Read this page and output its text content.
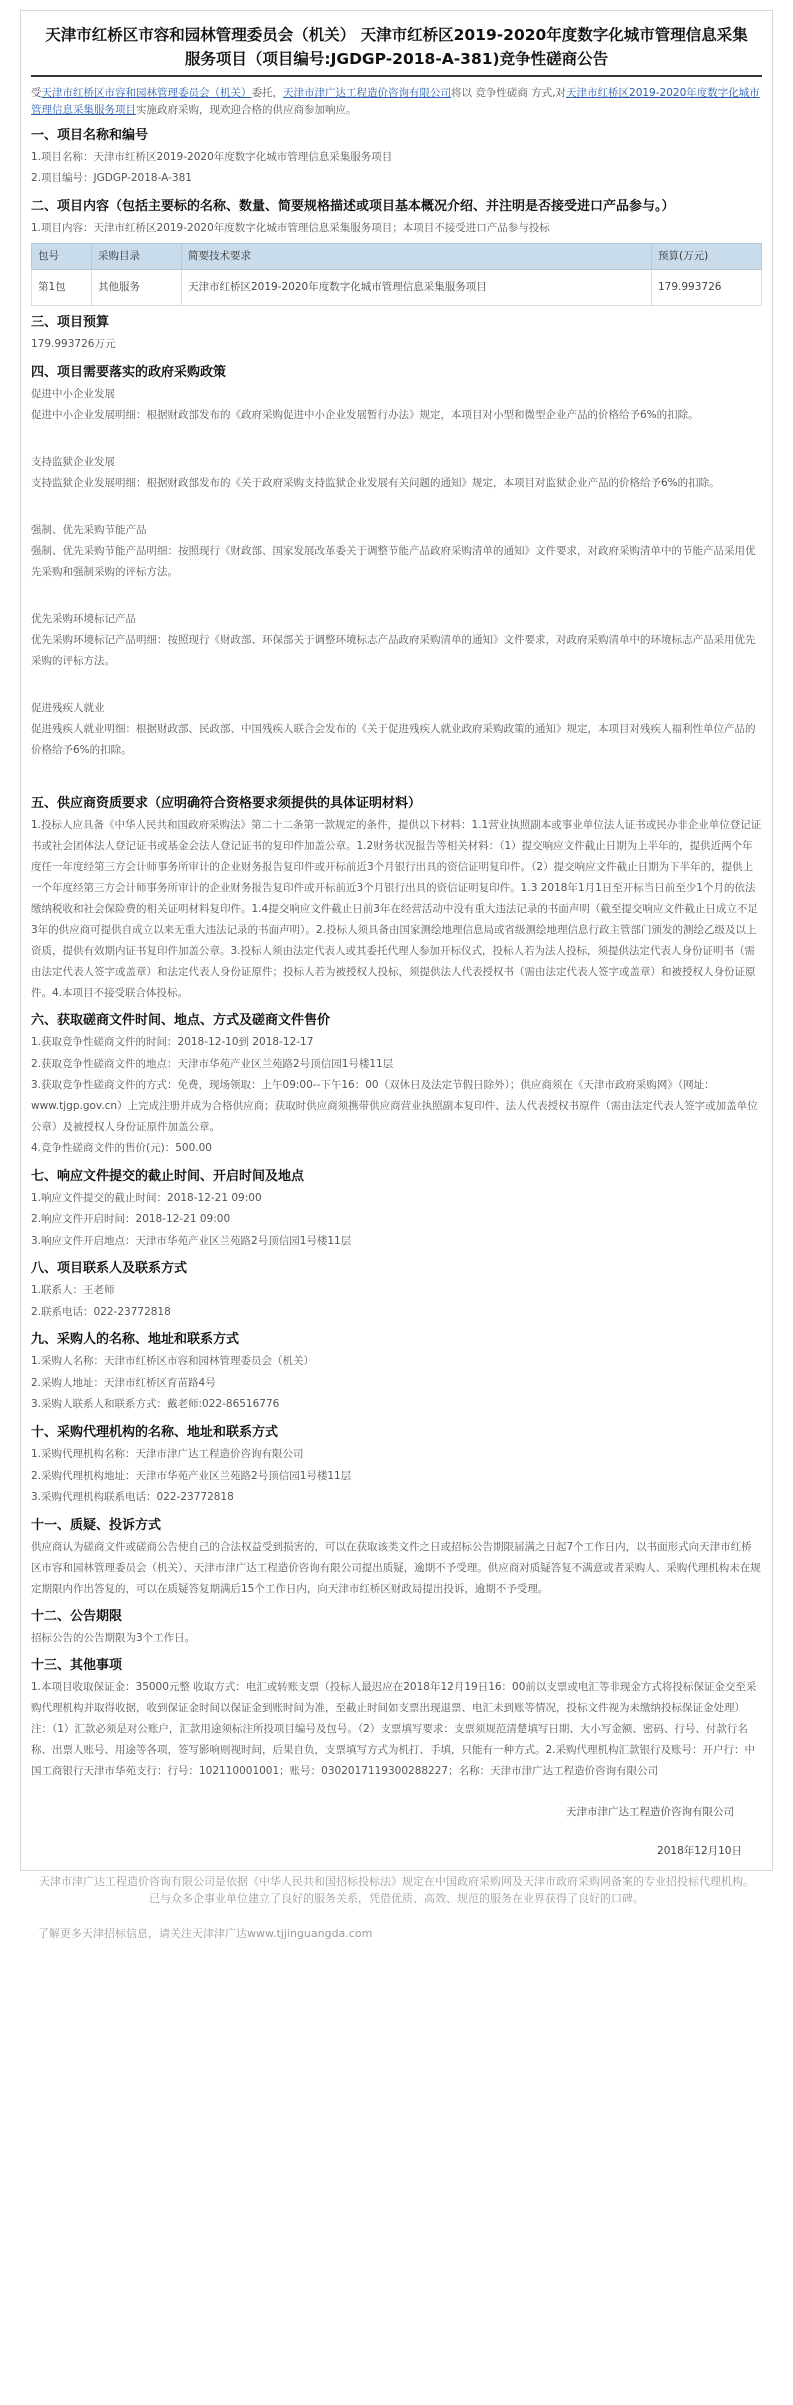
天津市红桥区市容和园林管理委员会（机关） 天津市红桥区2019-2020年度数字化城市管理信息采集服务项目（项目编号:JGDGP-2018-A-381)竞争性磋商公告

受天津市红桥区市容和园林管理委员会（机关）委托，天津市津广达工程造价咨询有限公司将以 竞争性磋商 方式,对天津市红桥区2019-2020年度数字化城市管理信息采集服务项目实施政府采购，现欢迎合格的供应商参加响应。

一、项目名称和编号
1.项目名称：天津市红桥区2019-2020年度数字化城市管理信息采集服务项目
2.项目编号：JGDGP-2018-A-381
二、项目内容（包括主要标的名称、数量、简要规格描述或项目基本概况介绍、并注明是否接受进口产品参与。）
1.项目内容：天津市红桥区2019-2020年度数字化城市管理信息采集服务项目；本项目不接受进口产品参与投标
包号	采购目录	简要技术要求	预算(万元)
第1包	其他服务	天津市红桥区2019-2020年度数字化城市管理信息采集服务项目	179.993726
三、项目预算
179.993726万元
四、项目需要落实的政府采购政策
促进中小企业发展
促进中小企业发展明细：根据财政部发布的《政府采购促进中小企业发展暂行办法》规定，本项目对小型和微型企业产品的价格给予6%的扣除。
支持监狱企业发展
支持监狱企业发展明细：根据财政部发布的《关于政府采购支持监狱企业发展有关问题的通知》规定，本项目对监狱企业产品的价格给予6%的扣除。
强制、优先采购节能产品
强制、优先采购节能产品明细：按照现行《财政部、国家发展改革委关于调整节能产品政府采购清单的通知》文件要求，对政府采购清单中的节能产品采用优先采购和强制采购的评标方法。
优先采购环境标记产品
优先采购环境标记产品明细：按照现行《财政部、环保部关于调整环境标志产品政府采购清单的通知》文件要求，对政府采购清单中的环境标志产品采用优先采购的评标方法。
促进残疾人就业
促进残疾人就业明细：根据财政部、民政部、中国残疾人联合会发布的《关于促进残疾人就业政府采购政策的通知》规定，本项目对残疾人福利性单位产品的价格给予6%的扣除。
五、供应商资质要求（应明确符合资格要求须提供的具体证明材料）
1.投标人应具备《中华人民共和国政府采购法》第二十二条第一款规定的条件，提供以下材料：1.1营业执照副本或事业单位法人证书或民办非企业单位登记证书或社会团体法人登记证书或基金会法人登记证书的复印件加盖公章。1.2财务状况报告等相关材料：（1）提交响应文件截止日期为上半年的，提供近两个年度任一年度经第三方会计师事务所审计的企业财务报告复印件或开标前近3个月银行出具的资信证明复印件。（2）提交响应文件截止日期为下半年的，提供上一个年度经第三方会计师事务所审计的企业财务报告复印件或开标前近3个月银行出具的资信证明复印件。1.3 2018年1月1日至开标当日前至少1个月的依法缴纳税收和社会保险费的相关证明材料复印件。1.4提交响应文件截止日前3年在经营活动中没有重大违法记录的书面声明（截至提交响应文件截止日成立不足3年的供应商可提供自成立以来无重大违法记录的书面声明）。2.投标人须具备由国家测绘地理信息局或省级测绘地理信息行政主管部门颁发的测绘乙级及以上资质，提供有效期内证书复印件加盖公章。3.投标人须由法定代表人或其委托代理人参加开标仪式，投标人若为法人投标，须提供法定代表人身份证明书（需由法定代表人签字或盖章）和法定代表人身份证原件；投标人若为被授权人投标，须提供法人代表授权书（需由法定代表人签字或盖章）和被授权人身份证原件。4.本项目不接受联合体投标。
六、获取磋商文件时间、地点、方式及磋商文件售价
1.获取竞争性磋商文件的时间：2018-12-10到 2018-12-17
2.获取竞争性磋商文件的地点：天津市华苑产业区兰苑路2号顶信园1号楼11层
3.获取竞争性磋商文件的方式：免费，现场领取：上午09:00--下午16：00（双休日及法定节假日除外）；供应商须在《天津市政府采购网》（网址：www.tjgp.gov.cn）上完成注册并成为合格供应商；获取时供应商须携带供应商营业执照副本复印件、法人代表授权书原件（需由法定代表人签字或加盖单位公章）及被授权人身份证原件加盖公章。
4.竞争性磋商文件的售价(元)：500.00
七、响应文件提交的截止时间、开启时间及地点
1.响应文件提交的截止时间：2018-12-21 09:00
2.响应文件开启时间：2018-12-21 09:00
3.响应文件开启地点：天津市华苑产业区兰苑路2号顶信园1号楼11层
八、项目联系人及联系方式
1.联系人：王老师
2.联系电话：022-23772818
九、采购人的名称、地址和联系方式
1.采购人名称：天津市红桥区市容和园林管理委员会（机关）
2.采购人地址：天津市红桥区育苗路4号
3.采购人联系人和联系方式：戴老师:022-86516776
十、采购代理机构的名称、地址和联系方式
1.采购代理机构名称：天津市津广达工程造价咨询有限公司
2.采购代理机构地址：天津市华苑产业区兰苑路2号顶信园1号楼11层
3.采购代理机构联系电话：022-23772818
十一、质疑、投诉方式
供应商认为磋商文件或磋商公告使自己的合法权益受到损害的，可以在获取该类文件之日或招标公告期限届满之日起7个工作日内，以书面形式向天津市红桥区市容和园林管理委员会（机关）、天津市津广达工程造价咨询有限公司提出质疑，逾期不予受理。供应商对质疑答复不满意或者采购人、采购代理机构未在规定期限内作出答复的，可以在质疑答复期满后15个工作日内，向天津市红桥区财政局提出投诉，逾期不予受理。
十二、公告期限
招标公告的公告期限为3个工作日。
十三、其他事项
1.本项目收取保证金：35000元整 收取方式：电汇或转账支票（投标人最迟应在2018年12月19日16：00前以支票或电汇等非现金方式将投标保证金交至采购代理机构并取得收据，收到保证金时间以保证金到账时间为准，至截止时间如支票出现退票、电汇未到账等情况，投标文件视为未缴纳投标保证金处理）注：（1）汇款必须是对公账户，汇款用途须标注所投项目编号及包号。（2）支票填写要求：支票须规范清楚填写日期、大小写金额、密码、行号、付款行名称、出票人账号、用途等各项，签写影响则视时间，后果自负，支票填写方式为机打、手填，只能有一种方式。2.采购代理机构汇款银行及账号：开户行：中国工商银行天津市华苑支行：行号：102110001001；账号：0302017119300288227；名称：天津市津广达工程造价咨询有限公司
天津市津广达工程造价咨询有限公司
2018年12月10日
天津市津广达工程造价咨询有限公司是依据《中华人民共和国招标投标法》规定在中国政府采购网及天津市政府采购网备案的专业招投标代理机构。已与众多企事业单位建立了良好的服务关系，凭借优质、高效、规范的服务在业界获得了良好的口碑。
了解更多天津招标信息，请关注天津津广达www.tjjinguangda.com
